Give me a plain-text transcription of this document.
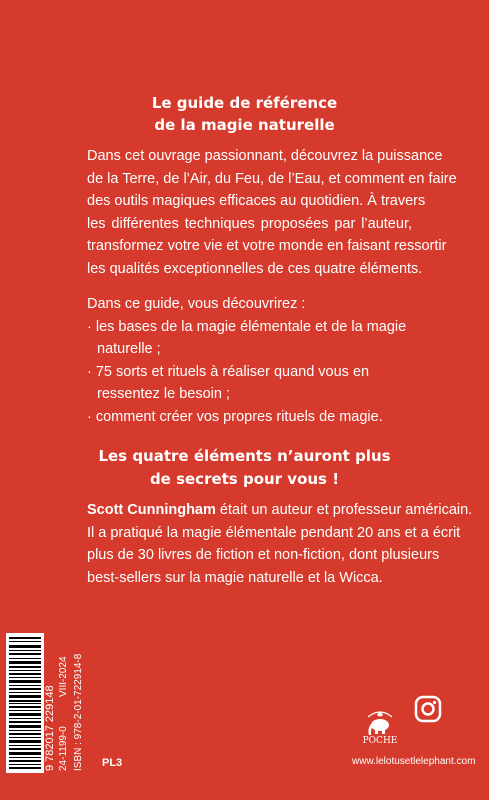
Le guide de référence
de la magie naturelle
Dans cet ouvrage passionnant, découvrez la puissance
de la Terre, de l’Air, du Feu, de l’Eau, et comment en faire
des outils magiques efficaces au quotidien. À travers
les différentes techniques proposées par l’auteur,
transformez votre vie et votre monde en faisant ressortir
les qualités exceptionnelles de ces quatre éléments.
Dans ce guide, vous découvrirez :
· les bases de la magie élémentale et de la magie naturelle ;
· 75 sorts et rituels à réaliser quand vous en ressentez le besoin ;
· comment créer vos propres rituels de magie.
Les quatre éléments n’auront plus
de secrets pour vous !
Scott Cunningham était un auteur et professeur américain.
Il a pratiqué la magie élémentale pendant 20 ans et a écrit
plus de 30 livres de fiction et non-fiction, dont plusieurs
best-sellers sur la magie naturelle et la Wicca.
9 782017 229148 24-1199-0
VIII-2024 ISBN : 978-2-01-722914-8 PL3
POCHE
www.lelotusetlelephant.com
